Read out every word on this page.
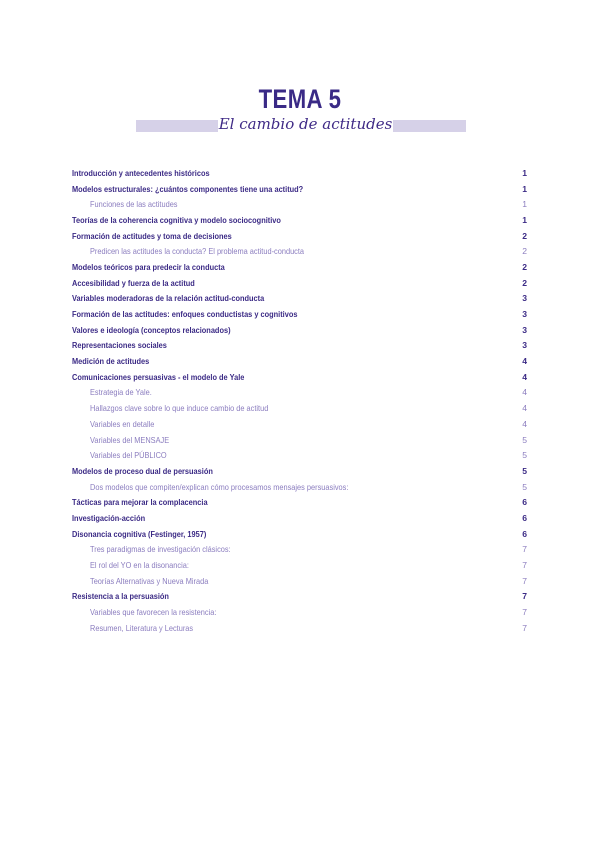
TEMA 5
El cambio de actitudes
Introducción y antecedentes históricos	1
Modelos estructurales: ¿cuántos componentes tiene una actitud?	1
Funciones de las actitudes	1
Teorías de la coherencia cognitiva y modelo sociocognitivo	1
Formación de actitudes y toma de decisiones	2
Predicen las actitudes la conducta? El problema actitud-conducta	2
Modelos teóricos para predecir la conducta	2
Accesibilidad y fuerza de la actitud	2
Variables moderadoras de la relación actitud-conducta	3
Formación de las actitudes: enfoques conductistas y cognitivos	3
Valores e ideología (conceptos relacionados)	3
Representaciones sociales	3
Medición de actitudes	4
Comunicaciones persuasivas - el modelo de Yale	4
Estrategia de Yale.	4
Hallazgos clave sobre lo que induce cambio de actitud	4
Variables en detalle	4
Variables del MENSAJE	5
Variables del PÚBLICO	5
Modelos de proceso dual de persuasión	5
Dos modelos que compiten/explican cómo procesamos mensajes persuasivos:	5
Tácticas para mejorar la complacencia	6
Investigación-acción	6
Disonancia cognitiva (Festinger, 1957)	6
Tres paradigmas de investigación clásicos:	7
El rol del YO en la disonancia:	7
Teorías Alternativas y Nueva Mirada	7
Resistencia a la persuasión	7
Variables que favorecen la resistencia:	7
Resumen, Literatura y Lecturas	7
